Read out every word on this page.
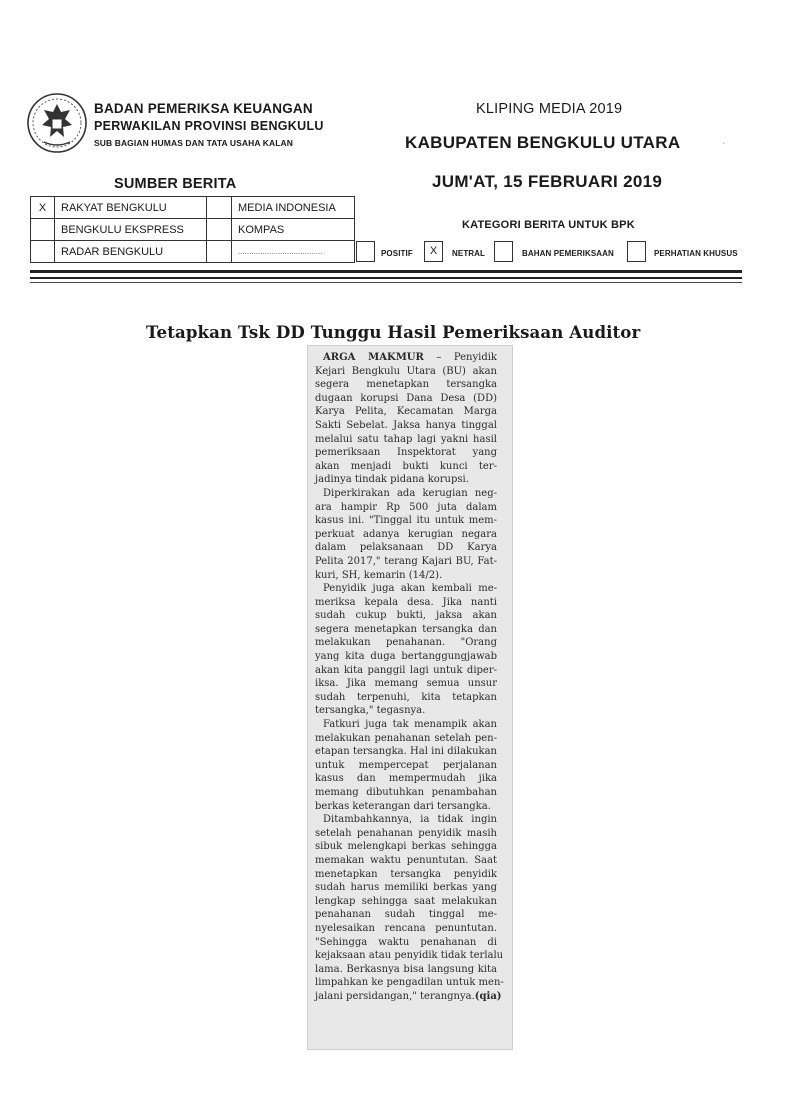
BADAN PEMERIKSA KEUANGAN
PERWAKILAN PROVINSI BENGKULU
SUB BAGIAN HUMAS DAN TATA USAHA KALAN
KLIPING MEDIA 2019
KABUPATEN BENGKULU UTARA
JUM'AT, 15 FEBRUARI 2019
·
SUMBER BERITA
X	RAKYAT BENGKULU		MEDIA INDONESIA
	BENGKULU EKSPRESS		KOMPAS
	RADAR BENGKULU		......................................
KATEGORI BERITA UNTUK BPK
POSITIF	X	NETRAL	BAHAN PEMERIKSAAN	PERHATIAN KHUSUS
Tetapkan Tsk DD Tunggu Hasil Pemeriksaan Auditor
ARGA MAKMUR – Penyidik
Kejari Bengkulu Utara (BU) akan
segera menetapkan tersangka
dugaan korupsi Dana Desa (DD)
Karya Pelita, Kecamatan Marga
Sakti Sebelat. Jaksa hanya tinggal
melalui satu tahap lagi yakni hasil
pemeriksaan Inspektorat yang
akan menjadi bukti kunci ter-
jadinya tindak pidana korupsi.
Diperkirakan ada kerugian neg-
ara hampir Rp 500 juta dalam
kasus ini. "Tinggal itu untuk mem-
perkuat adanya kerugian negara
dalam pelaksanaan DD Karya
Pelita 2017," terang Kajari BU, Fat-
kuri, SH, kemarin (14/2).
Penyidik juga akan kembali me-
meriksa kepala desa. Jika nanti
sudah cukup bukti, jaksa akan
segera menetapkan tersangka dan
melakukan penahanan. "Orang
yang kita duga bertanggungjawab
akan kita panggil lagi untuk diper-
iksa. Jika memang semua unsur
sudah terpenuhi, kita tetapkan
tersangka," tegasnya.
Fatkuri juga tak menampik akan
melakukan penahanan setelah pen-
etapan tersangka. Hal ini dilakukan
untuk mempercepat perjalanan
kasus dan mempermudah jika
memang dibutuhkan penambahan
berkas keterangan dari tersangka.
Ditambahkannya, ia tidak ingin
setelah penahanan penyidik masih
sibuk melengkapi berkas sehingga
memakan waktu penuntutan. Saat
menetapkan tersangka penyidik
sudah harus memiliki berkas yang
lengkap sehingga saat melakukan
penahanan sudah tinggal me-
nyelesaikan rencana penuntutan.
"Sehingga waktu penahanan di
kejaksaan atau penyidik tidak terlalu
lama. Berkasnya bisa langsung kita
limpahkan ke pengadilan untuk men-
jalani persidangan," terangnya.(qia)
